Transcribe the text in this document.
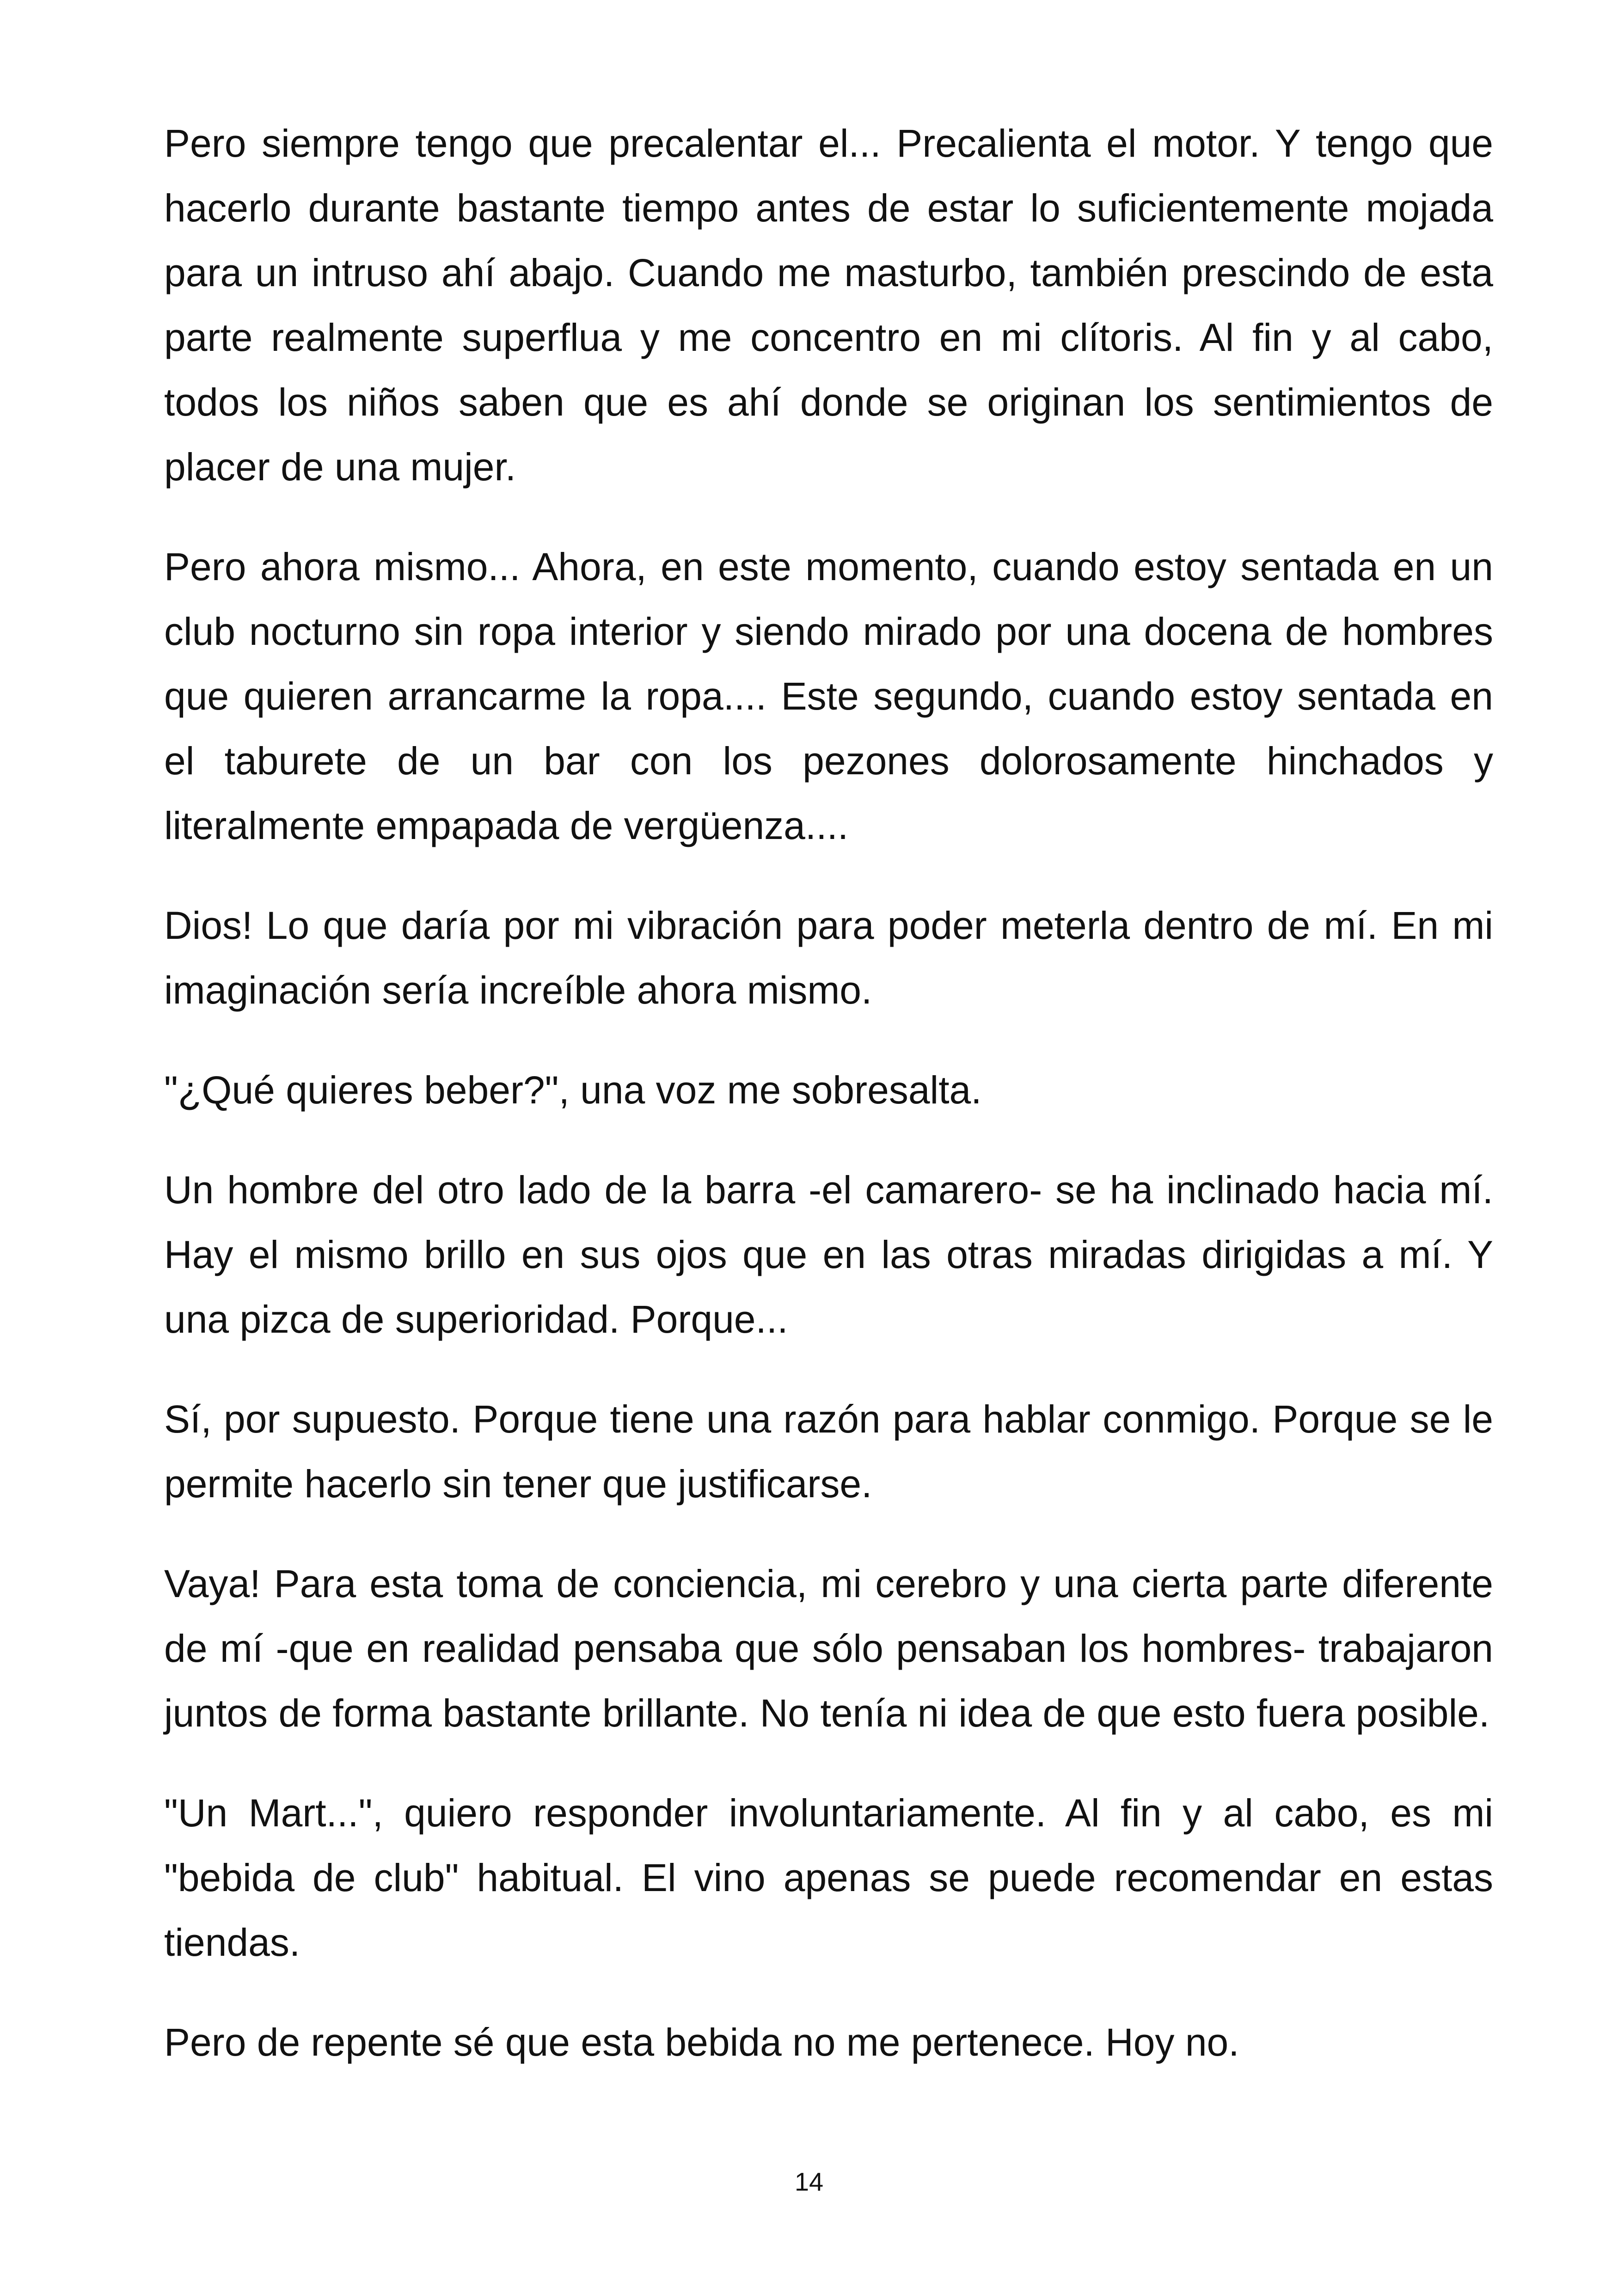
Pero siempre tengo que precalentar el... Precalienta el motor. Y tengo que hacerlo durante bastante tiempo antes de estar lo suficientemente mojada para un intruso ahí abajo. Cuando me masturbo, también prescindo de esta parte realmente superflua y me concentro en mi clítoris. Al fin y al cabo, todos los niños saben que es ahí donde se originan los sentimientos de placer de una mujer.

Pero ahora mismo... Ahora, en este momento, cuando estoy sentada en un club nocturno sin ropa interior y siendo mirado por una docena de hombres que quieren arrancarme la ropa.... Este segundo, cuando estoy sentada en el taburete de un bar con los pezones dolorosamente hinchados y literalmente empapada de vergüenza....

Dios! Lo que daría por mi vibración para poder meterla dentro de mí. En mi imaginación sería increíble ahora mismo.

"¿Qué quieres beber?", una voz me sobresalta.

Un hombre del otro lado de la barra -el camarero- se ha inclinado hacia mí. Hay el mismo brillo en sus ojos que en las otras miradas dirigidas a mí. Y una pizca de superioridad. Porque...

Sí, por supuesto. Porque tiene una razón para hablar conmigo. Porque se le permite hacerlo sin tener que justificarse.

Vaya! Para esta toma de conciencia, mi cerebro y una cierta parte diferente de mí -que en realidad pensaba que sólo pensaban los hombres- trabajaron juntos de forma bastante brillante. No tenía ni idea de que esto fuera posible.

"Un Mart...", quiero responder involuntariamente. Al fin y al cabo, es mi "bebida de club" habitual. El vino apenas se puede recomendar en estas tiendas.

Pero de repente sé que esta bebida no me pertenece. Hoy no.

14
